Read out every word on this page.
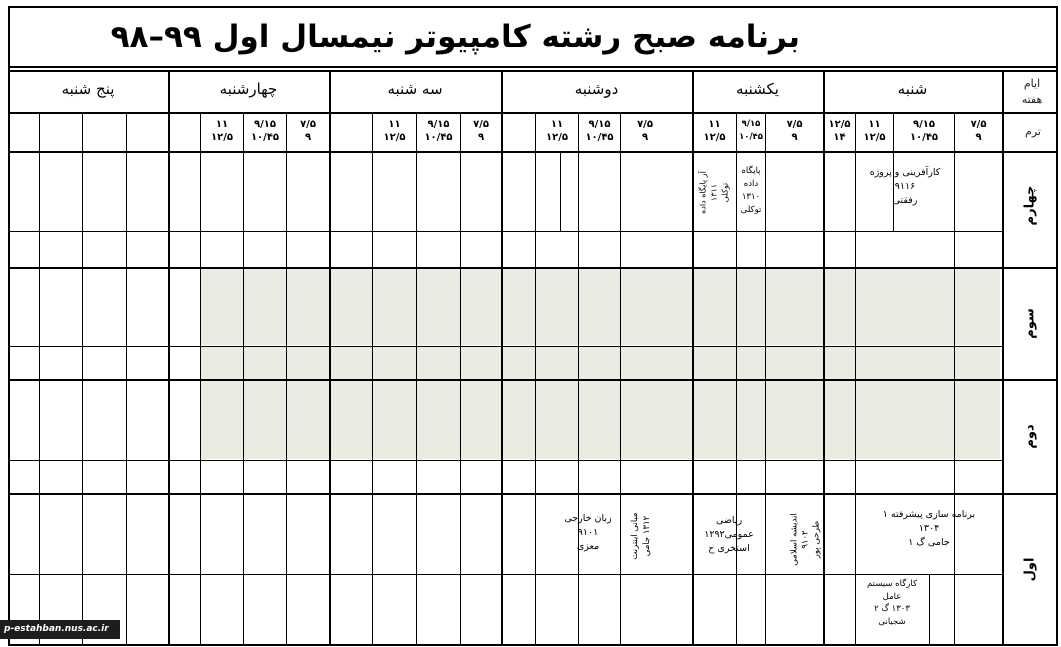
برنامه صبح رشته کامپیوتر نیمسال اول ۹۹–۹۸
ایام
هفته
ترم
شنبه
یکشنبه
دوشنبه
سه شنبه
چهارشنبه
پنج شنبه
۷/۵
۹
۹/۱۵
۱۰/۴۵
۱۱
۱۲/۵
۱۲/۵
۱۴
۷/۵
۹
۹/۱۵
۱۰/۴۵
۱۱
۱۲/۵
۷/۵
۹
۹/۱۵
۱۰/۴۵
۱۱
۱۲/۵
۷/۵
۹
۹/۱۵
۱۰/۴۵
۱۱
۱۲/۵
۷/۵
۹
۹/۱۵
۱۰/۴۵
۱۱
۱۲/۵
چهارم
سوم
دوم
اول
کارآفرینی و پروژه
۹۱۱۶
رفقتی
پایگاه
داده
۱۳۱۰
توکلی
آز پایگاه داده
۱۳۱۱
توکلی
برنامه سازی پیشرفته ۱
۱۳۰۴
جامی گ ۱
کارگاه سیستم
عامل
۱۳۰۳ گ ۲
شجیانی
اندیشه اسلامی
۹۱۰۲
طرحی پور
ریاضی
عمومی۱۲۹۲
استخری ح
مبانی اینترنت
۱۳۱۲ جامی
زبان خارجی
۹۱۰۱
معزی
p-estahban.nus.ac.ir
